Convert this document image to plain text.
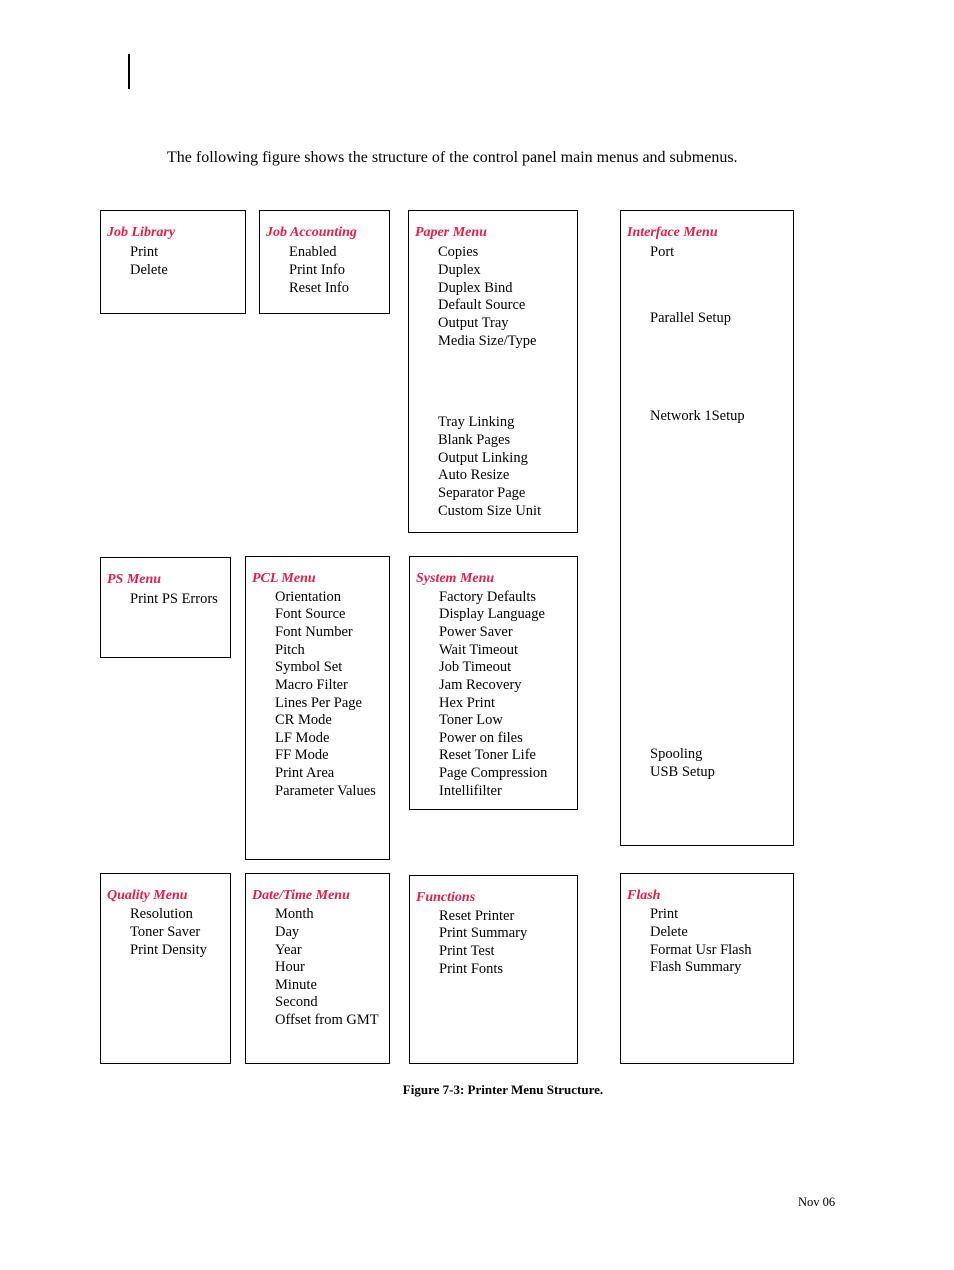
The following figure shows the structure of the control panel main menus and submenus.
Job Library
Print
Delete
Job Accounting
Enabled
Print Info
Reset Info
Paper Menu
Copies
Duplex
Duplex Bind
Default Source
Output Tray
Media Size/Type
Tray Linking
Blank Pages
Output Linking
Auto Resize
Separator Page
Custom Size Unit
Interface Menu
Port
Parallel Setup
Network 1Setup
Spooling
USB Setup
PS Menu
Print PS Errors
PCL Menu
Orientation
Font Source
Font Number
Pitch
Symbol Set
Macro Filter
Lines Per Page
CR Mode
LF Mode
FF Mode
Print Area
Parameter Values
System Menu
Factory Defaults
Display Language
Power Saver
Wait Timeout
Job Timeout
Jam Recovery
Hex Print
Toner Low
Power on files
Reset Toner Life
Page Compression
Intellifilter
Quality Menu
Resolution
Toner Saver
Print Density
Date/Time Menu
Month
Day
Year
Hour
Minute
Second
Offset from GMT
Functions
Reset Printer
Print Summary
Print Test
Print Fonts
Flash
Print
Delete
Format Usr Flash
Flash Summary
Figure 7-3: Printer Menu Structure.
Nov 06
